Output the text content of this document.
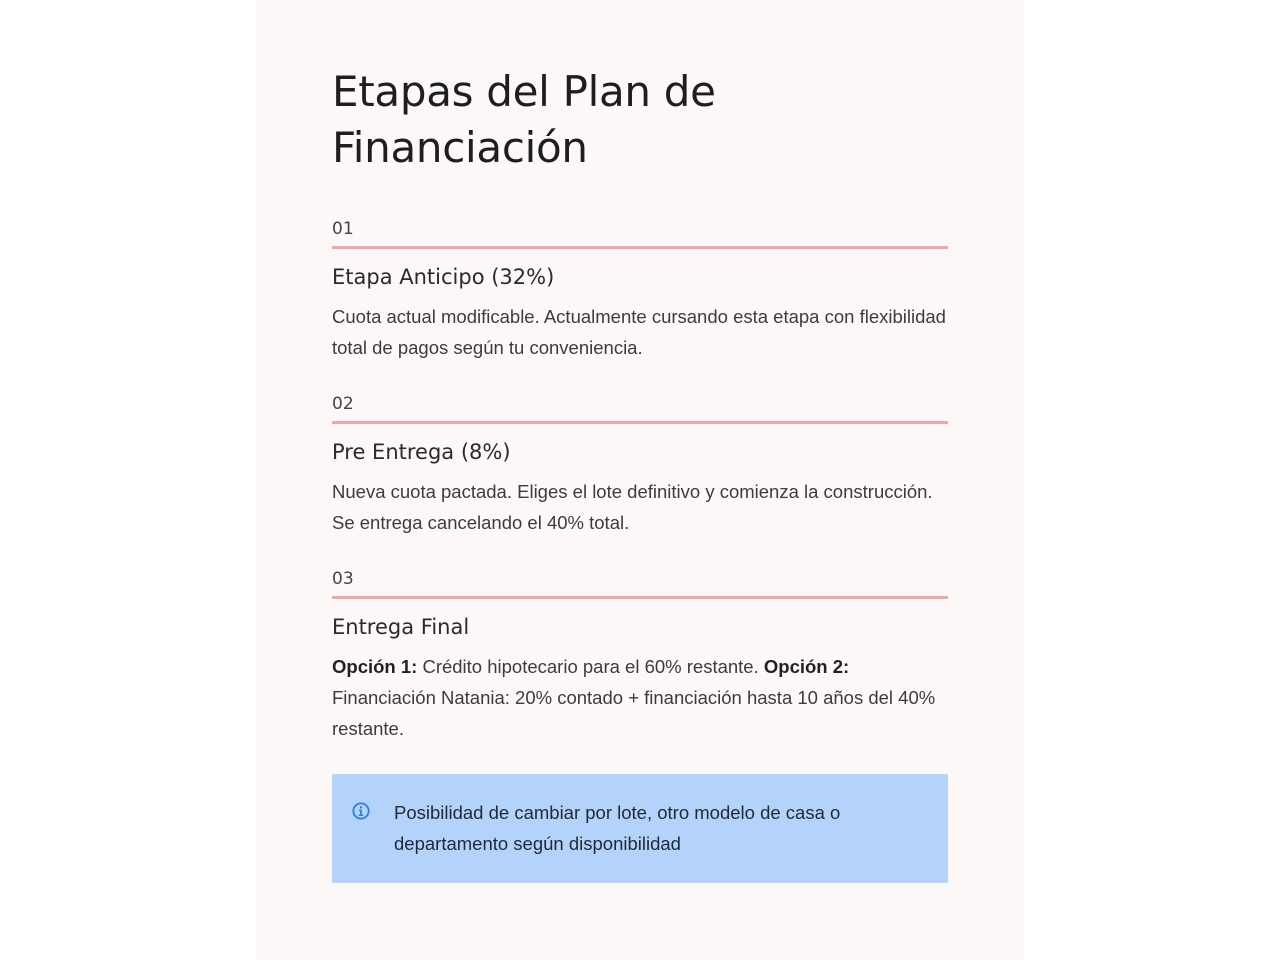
Etapas del Plan de
Financiación
01
Etapa Anticipo (32%)
Cuota actual modificable. Actualmente cursando esta etapa con flexibilidad total de pagos según tu conveniencia.
02
Pre Entrega (8%)
Nueva cuota pactada. Eliges el lote definitivo y comienza la construcción. Se entrega cancelando el 40% total.
03
Entrega Final
Opción 1: Crédito hipotecario para el 60% restante. Opción 2: Financiación Natania: 20% contado + financiación hasta 10 años del 40% restante.
Posibilidad de cambiar por lote, otro modelo de casa o departamento según disponibilidad
